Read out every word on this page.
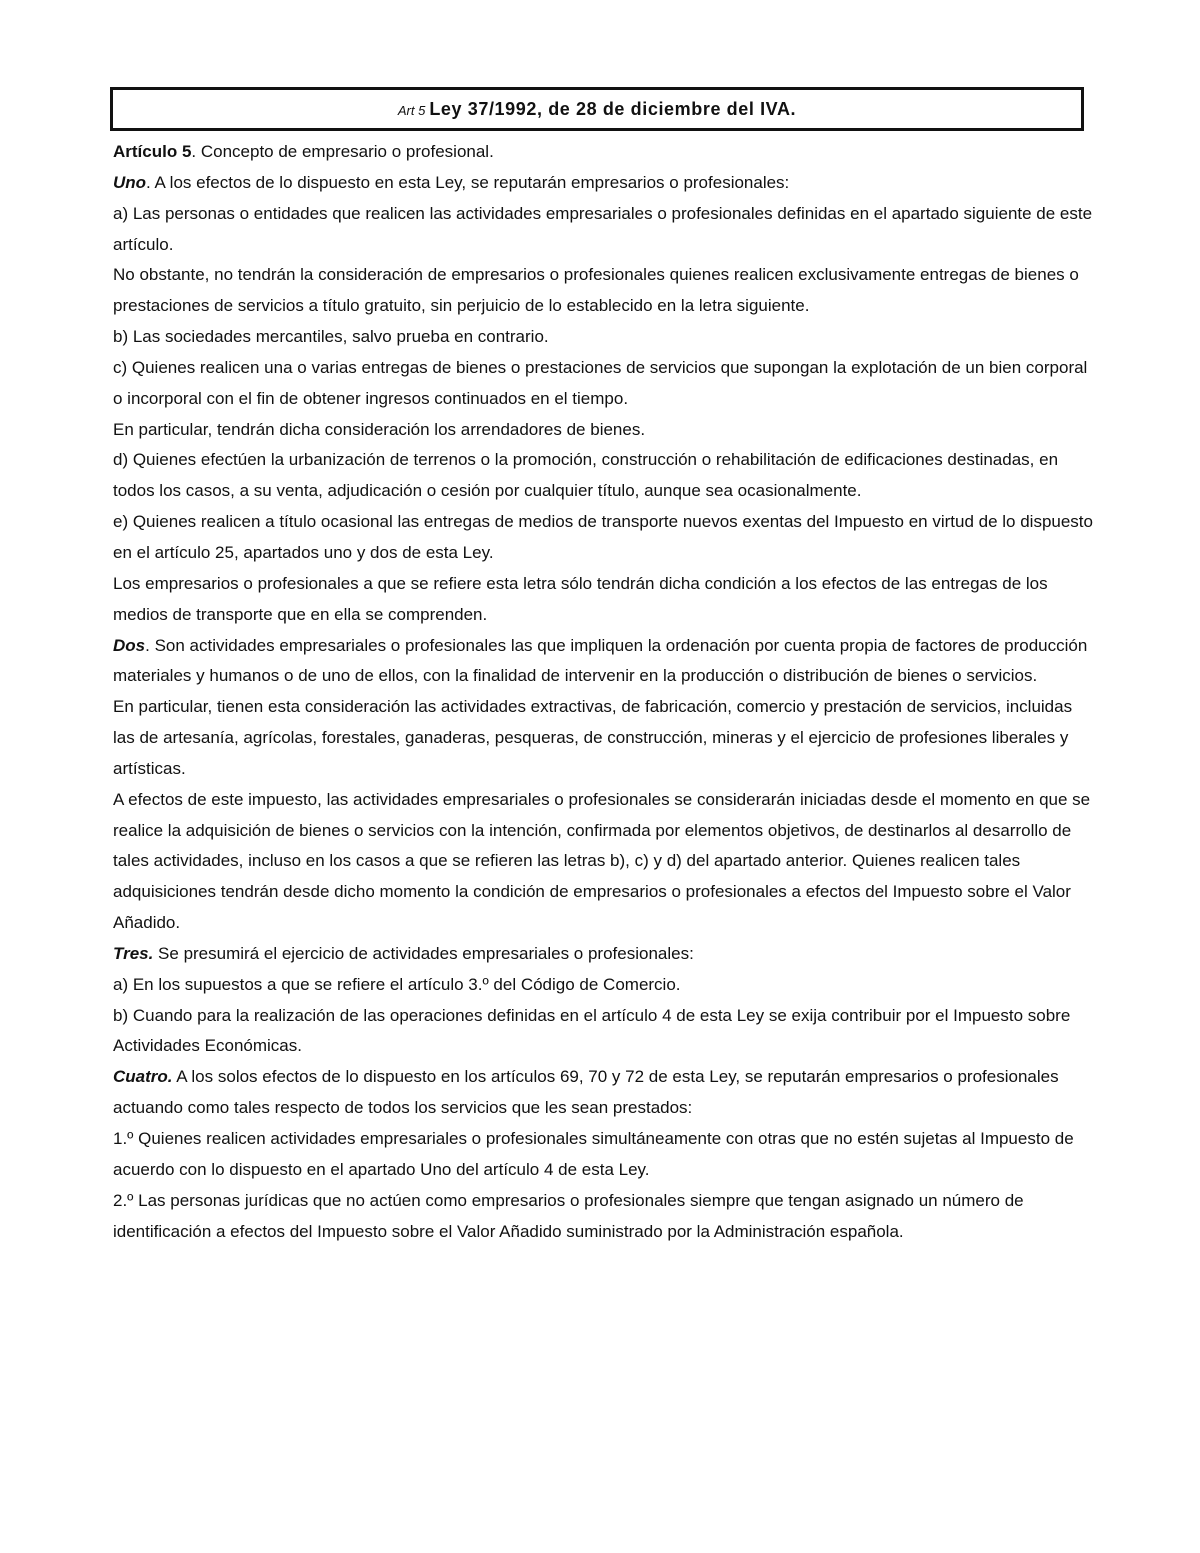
Art 5 Ley 37/1992, de 28 de diciembre del IVA.

Artículo 5. Concepto de empresario o profesional.

Uno. A los efectos de lo dispuesto en esta Ley, se reputarán empresarios o profesionales:

a) Las personas o entidades que realicen las actividades empresariales o profesionales definidas en el apartado siguiente de este artículo.

No obstante, no tendrán la consideración de empresarios o profesionales quienes realicen exclusivamente entregas de bienes o prestaciones de servicios a título gratuito, sin perjuicio de lo establecido en la letra siguiente.

b) Las sociedades mercantiles, salvo prueba en contrario.

c) Quienes realicen una o varias entregas de bienes o prestaciones de servicios que supongan la explotación de un bien corporal o incorporal con el fin de obtener ingresos continuados en el tiempo.

En particular, tendrán dicha consideración los arrendadores de bienes.

d) Quienes efectúen la urbanización de terrenos o la promoción, construcción o rehabilitación de edificaciones destinadas, en todos los casos, a su venta, adjudicación o cesión por cualquier título, aunque sea ocasionalmente.

e) Quienes realicen a título ocasional las entregas de medios de transporte nuevos exentas del Impuesto en virtud de lo dispuesto en el artículo 25, apartados uno y dos de esta Ley.

Los empresarios o profesionales a que se refiere esta letra sólo tendrán dicha condición a los efectos de las entregas de los medios de transporte que en ella se comprenden.

Dos. Son actividades empresariales o profesionales las que impliquen la ordenación por cuenta propia de factores de producción materiales y humanos o de uno de ellos, con la finalidad de intervenir en la producción o distribución de bienes o servicios.

En particular, tienen esta consideración las actividades extractivas, de fabricación, comercio y prestación de servicios, incluidas las de artesanía, agrícolas, forestales, ganaderas, pesqueras, de construcción, mineras y el ejercicio de profesiones liberales y artísticas.

A efectos de este impuesto, las actividades empresariales o profesionales se considerarán iniciadas desde el momento en que se realice la adquisición de bienes o servicios con la intención, confirmada por elementos objetivos, de destinarlos al desarrollo de tales actividades, incluso en los casos a que se refieren las letras b), c) y d) del apartado anterior. Quienes realicen tales adquisiciones tendrán desde dicho momento la condición de empresarios o profesionales a efectos del Impuesto sobre el Valor Añadido.

Tres. Se presumirá el ejercicio de actividades empresariales o profesionales:

a) En los supuestos a que se refiere el artículo 3.º del Código de Comercio.

b) Cuando para la realización de las operaciones definidas en el artículo 4 de esta Ley se exija contribuir por el Impuesto sobre Actividades Económicas.

Cuatro. A los solos efectos de lo dispuesto en los artículos 69, 70 y 72 de esta Ley, se reputarán empresarios o profesionales actuando como tales respecto de todos los servicios que les sean prestados:

1.º Quienes realicen actividades empresariales o profesionales simultáneamente con otras que no estén sujetas al Impuesto de acuerdo con lo dispuesto en el apartado Uno del artículo 4 de esta Ley.

2.º Las personas jurídicas que no actúen como empresarios o profesionales siempre que tengan asignado un número de identificación a efectos del Impuesto sobre el Valor Añadido suministrado por la Administración española.
